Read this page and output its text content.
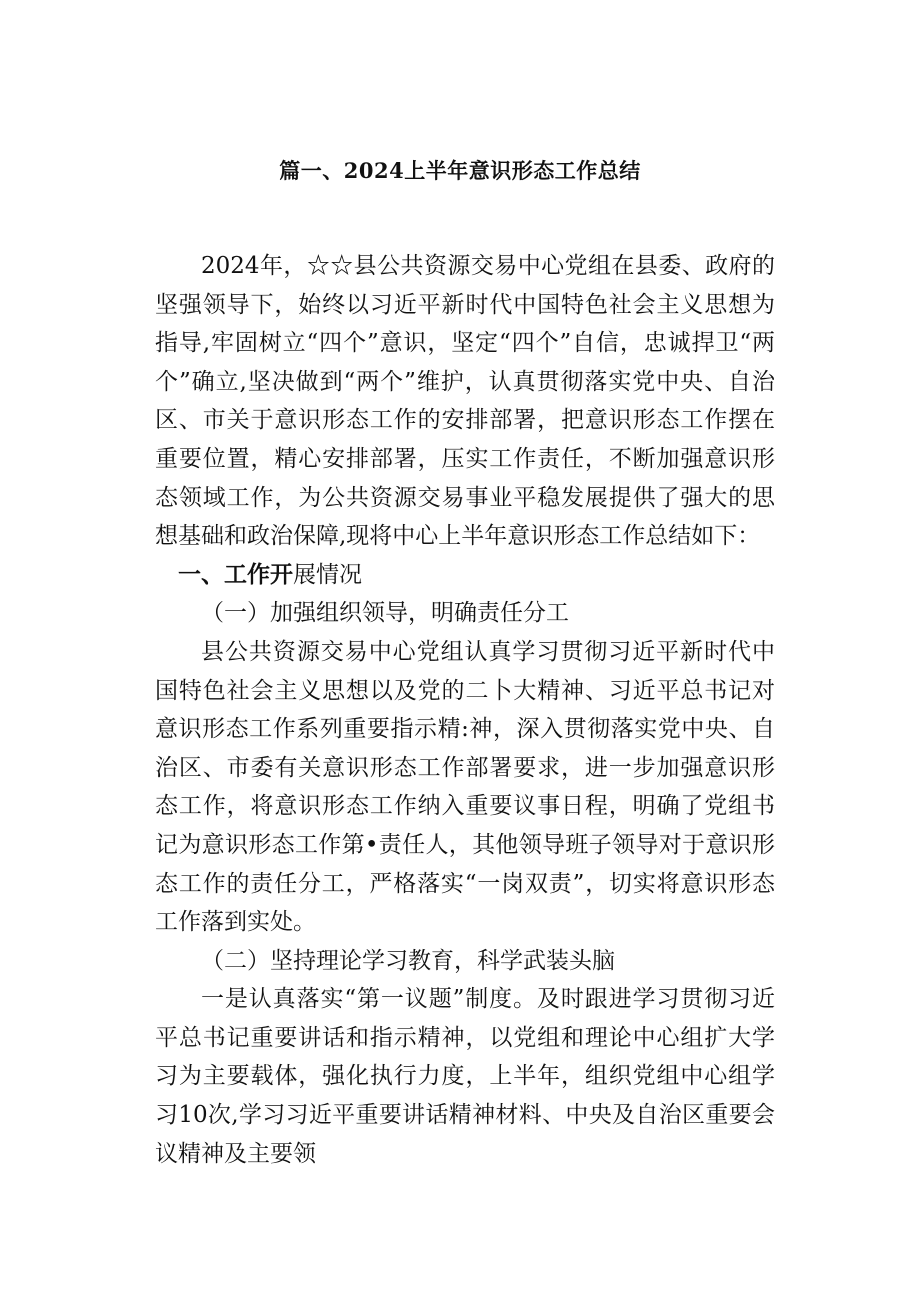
篇一、2024上半年意识形态工作总结

2024年，☆☆县公共资源交易中心党组在县委、政府的坚强领导下，始终以习近平新时代中国特色社会主义思想为指导,牢固树立“四个”意识，坚定“四个”自信，忠诚捍卫“两个”确立,坚决做到“两个”维护，认真贯彻落实党中央、自治区、市关于意识形态工作的安排部署，把意识形态工作摆在重要位置，精心安排部署，压实工作责任，不断加强意识形态领域工作，为公共资源交易事业平稳发展提供了强大的思想基础和政治保障,现将中心上半年意识形态工作总结如下：

一、工作开展情况

（一）加强组织领导，明确责任分工

县公共资源交易中心党组认真学习贯彻习近平新时代中国特色社会主义思想以及党的二卜大精神、习近平总书记对意识形态工作系列重要指示精:神，深入贯彻落实党中央、自治区、市委有关意识形态工作部署要求，进一步加强意识形态工作，将意识形态工作纳入重要议事日程，明确了党组书记为意识形态工作第•责任人，其他领导班子领导对于意识形态工作的责任分工，严格落实“一岗双责”，切实将意识形态工作落到实处。

（二）坚持理论学习教育，科学武装头脑

一是认真落实“第一议题”制度。及时跟进学习贯彻习近平总书记重要讲话和指示精神，以党组和理论中心组扩大学习为主要载体，强化执行力度，上半年，组织党组中心组学习10次,学习习近平重要讲话精神材料、中央及自治区重要会议精神及主要领
